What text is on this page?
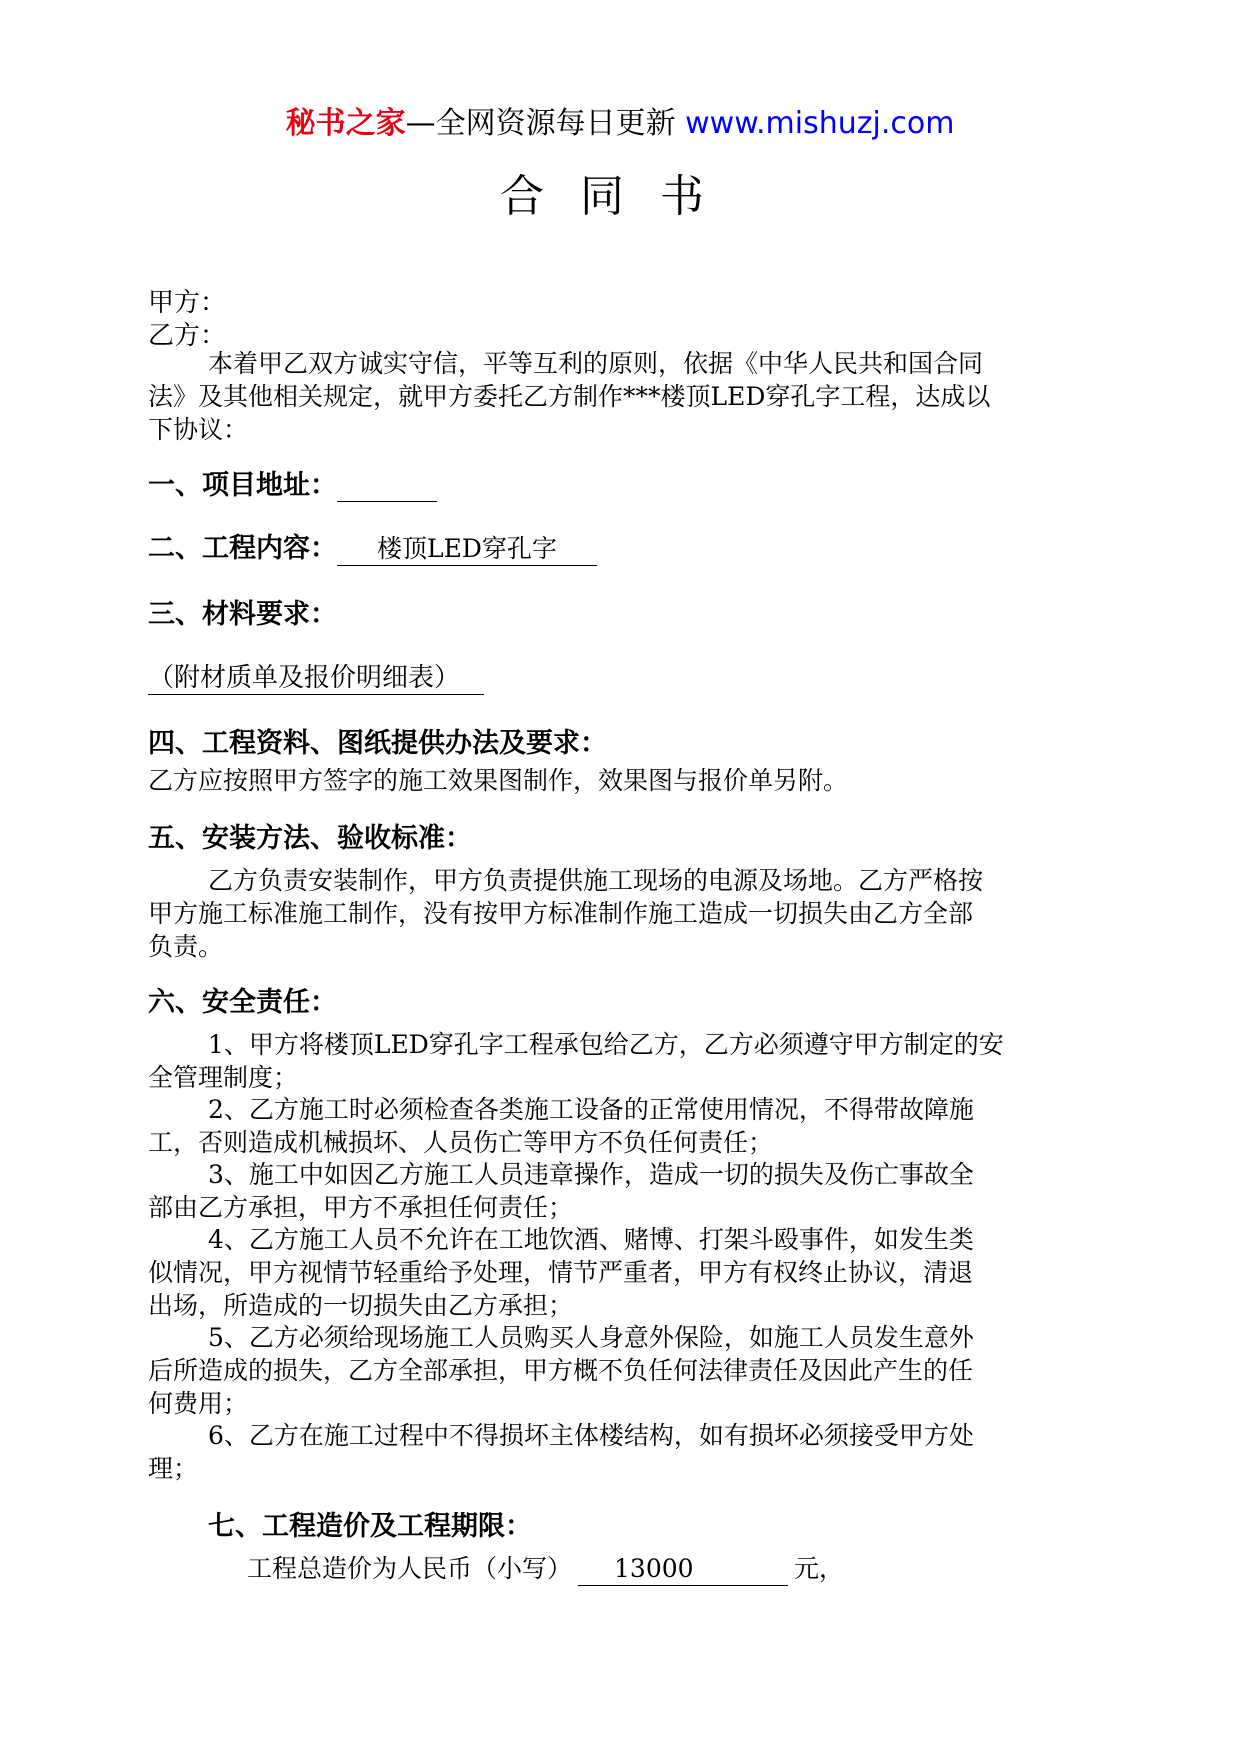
秘书之家—全网资源每日更新 www.mishuzj.com
合同书
甲方：
乙方：
本着甲乙双方诚实守信，平等互利的原则，依据《中华人民共和国合同
法》及其他相关规定，就甲方委托乙方制作***楼顶LED穿孔字工程，达成以
下协议：
一、项目地址：
二、工程内容： 楼顶LED穿孔字
三、材料要求：
（附材质单及报价明细表）
四、工程资料、图纸提供办法及要求：
乙方应按照甲方签字的施工效果图制作，效果图与报价单另附。
五、安装方法、验收标准：
乙方负责安装制作，甲方负责提供施工现场的电源及场地。乙方严格按
甲方施工标准施工制作，没有按甲方标准制作施工造成一切损失由乙方全部
负责。
六、安全责任：
1、甲方将楼顶LED穿孔字工程承包给乙方，乙方必须遵守甲方制定的安
全管理制度；
2、乙方施工时必须检查各类施工设备的正常使用情况，不得带故障施
工，否则造成机械损坏、人员伤亡等甲方不负任何责任；
3、施工中如因乙方施工人员违章操作，造成一切的损失及伤亡事故全
部由乙方承担，甲方不承担任何责任；
4、乙方施工人员不允许在工地饮酒、赌博、打架斗殴事件，如发生类
似情况，甲方视情节轻重给予处理，情节严重者，甲方有权终止协议，清退
出场，所造成的一切损失由乙方承担；
5、乙方必须给现场施工人员购买人身意外保险，如施工人员发生意外
后所造成的损失，乙方全部承担，甲方概不负任何法律责任及因此产生的任
何费用；
6、乙方在施工过程中不得损坏主体楼结构，如有损坏必须接受甲方处
理；
七、工程造价及工程期限：
工程总造价为人民币（小写） 13000	元，
